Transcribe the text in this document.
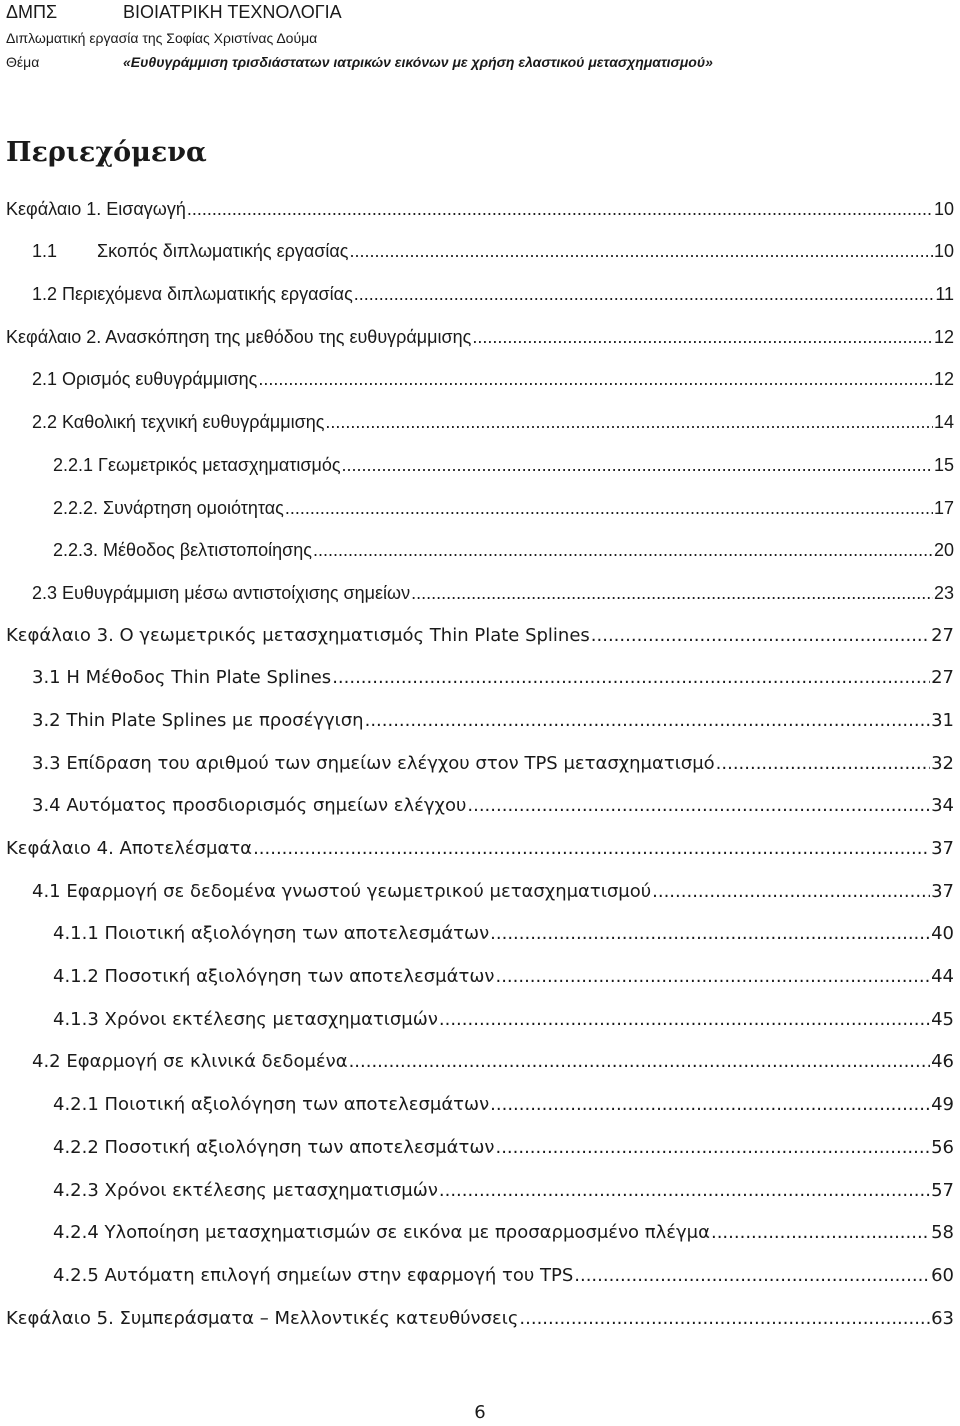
ΔΜΠΣ	ΒΙΟΙΑΤΡΙΚΗ ΤΕΧΝΟΛΟΓΙΑ
Διπλωματική εργασία της Σοφίας Χριστίνας Δούμα
Θέμα	«Ευθυγράμμιση τρισδιάστατων ιατρικών εικόνων με χρήση ελαστικού μετασχηματισμού»
Περιεχόμενα
Κεφάλαιο 1. Εισαγωγή .....	10
1.1 Σκοπός διπλωματικής εργασίας .....	10
1.2 Περιεχόμενα διπλωματικής εργασίας .....	11
Κεφάλαιο 2. Ανασκόπηση της μεθόδου της ευθυγράμμισης .....	12
2.1 Ορισμός ευθυγράμμισης .....	12
2.2 Καθολική τεχνική ευθυγράμμισης .....	14
2.2.1 Γεωμετρικός μετασχηματισμός .....	15
2.2.2. Συνάρτηση ομοιότητας .....	17
2.2.3. Μέθοδος βελτιστοποίησης .....	20
2.3 Ευθυγράμμιση μέσω αντιστοίχισης σημείων .....	23
Κεφάλαιο 3. Ο γεωμετρικός μετασχηματισμός Thin Plate Splines .....	27
3.1 Η Μέθοδος Thin Plate Splines .....	27
3.2 Thin Plate Splines με προσέγγιση .....	31
3.3 Επίδραση του αριθμού των σημείων ελέγχου στον TPS μετασχηματισμό .....	32
3.4 Αυτόματος προσδιορισμός σημείων ελέγχου .....	34
Κεφάλαιο 4. Αποτελέσματα .....	37
4.1 Εφαρμογή σε δεδομένα γνωστού γεωμετρικού μετασχηματισμού .....	37
4.1.1 Ποιοτική αξιολόγηση των αποτελεσμάτων .....	40
4.1.2 Ποσοτική αξιολόγηση των αποτελεσμάτων .....	44
4.1.3 Χρόνοι εκτέλεσης μετασχηματισμών .....	45
4.2 Εφαρμογή σε κλινικά δεδομένα .....	46
4.2.1 Ποιοτική αξιολόγηση των αποτελεσμάτων .....	49
4.2.2 Ποσοτική αξιολόγηση των αποτελεσμάτων .....	56
4.2.3 Χρόνοι εκτέλεσης μετασχηματισμών .....	57
4.2.4 Υλοποίηση μετασχηματισμών σε εικόνα με προσαρμοσμένο πλέγμα .....	58
4.2.5 Αυτόματη επιλογή σημείων στην εφαρμογή του TPS .....	60
Κεφάλαιο 5. Συμπεράσματα – Μελλοντικές κατευθύνσεις .....	63
6
